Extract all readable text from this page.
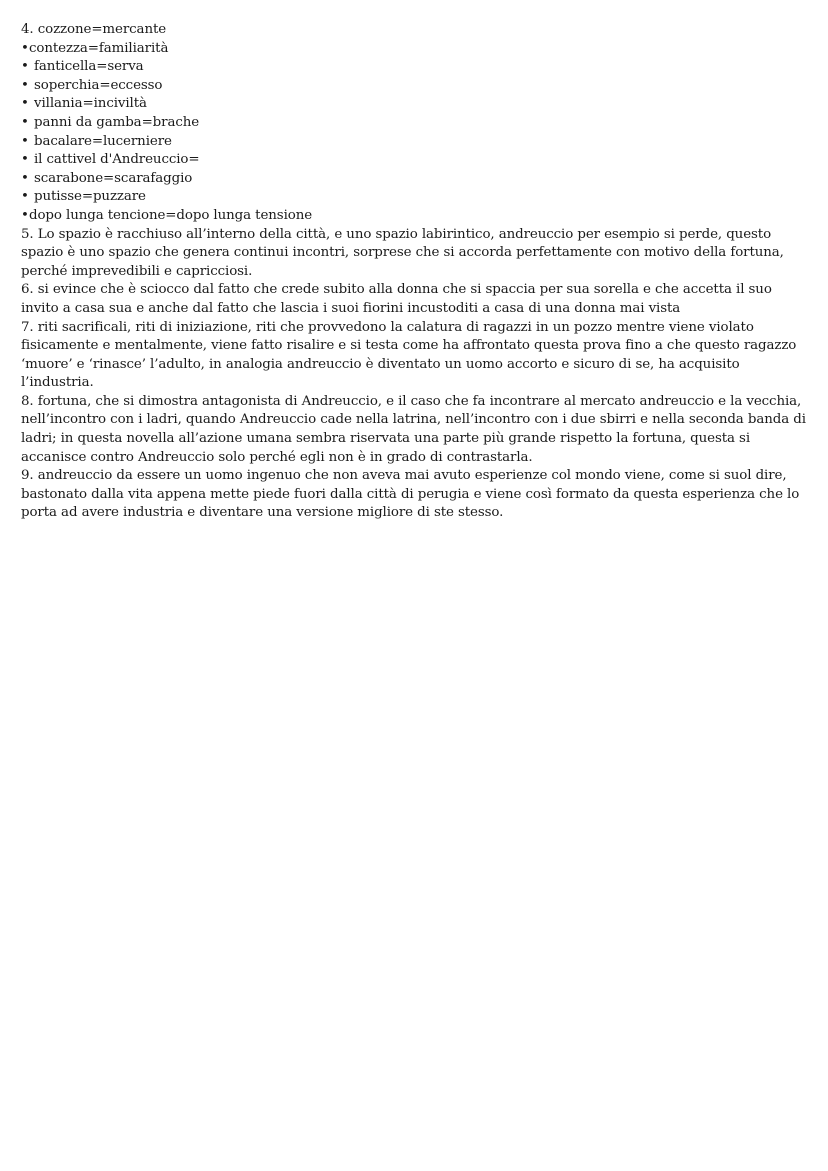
4. cozzone=mercante

•contezza=familiarità
• fanticella=serva
• soperchia=eccesso
• villania=inciviltà
• panni da gamba=brache
• bacalare=lucerniere
• il cattivel d'Andreuccio=
• scarabone=scarafaggio
• putisse=puzzare
•dopo lunga tencione=dopo lunga tensione

5. Lo spazio è racchiuso all’interno della città, e uno spazio labirintico, andreuccio per esempio si perde, questo spazio è uno spazio che genera continui incontri, sorprese che si accorda perfettamente con motivo della fortuna, perché imprevedibili e capricciosi.

6. si evince che è sciocco dal fatto che crede subito alla donna che si spaccia per sua sorella e che accetta il suo invito a casa sua e anche dal fatto che lascia i suoi fiorini incustoditi a casa di una donna mai vista

7. riti sacrificali, riti di iniziazione, riti che provvedono la calatura di ragazzi in un pozzo mentre viene violato fisicamente e mentalmente, viene fatto risalire e si testa come ha affrontato questa prova fino a che questo ragazzo ‘muore’ e ‘rinasce’ l’adulto, in analogia andreuccio è diventato un uomo accorto e sicuro di se, ha acquisito l’industria.

8. fortuna, che si dimostra antagonista di Andreuccio, e il caso che fa incontrare al mercato andreuccio e la vecchia, nell’incontro con i ladri, quando Andreuccio cade nella latrina, nell’incontro con i due sbirri e nella seconda banda di ladri; in questa novella all’azione umana sembra riservata una parte più grande rispetto la fortuna, questa si accanisce contro Andreuccio solo perché egli non è in grado di contrastarla.

9. andreuccio da essere un uomo ingenuo che non aveva mai avuto esperienze col mondo viene, come si suol dire, bastonato dalla vita appena mette piede fuori dalla città di perugia e viene così formato da questa esperienza che lo porta ad avere industria e diventare una versione migliore di ste stesso.
